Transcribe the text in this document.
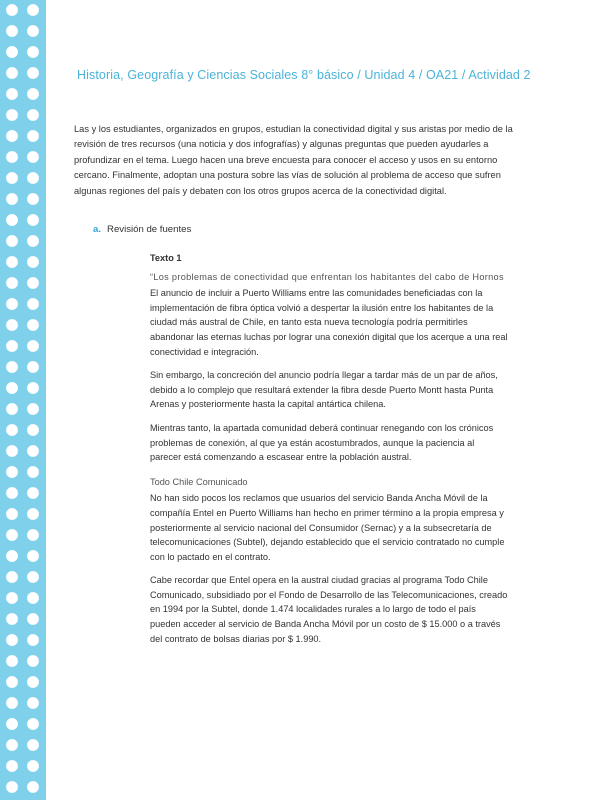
Historia, Geografía y Ciencias Sociales 8° básico / Unidad 4 / OA21 / Actividad 2
Las y los estudiantes, organizados en grupos, estudian la conectividad digital y sus aristas por medio de la revisión de tres recursos (una noticia y dos infografías) y algunas preguntas que pueden ayudarles a profundizar en el tema. Luego hacen una breve encuesta para conocer el acceso y usos en su entorno cercano. Finalmente, adoptan una postura sobre las vías de solución al problema de acceso que sufren algunas regiones del país y debaten con los otros grupos acerca de la conectividad digital.
a. Revisión de fuentes
Texto 1
“Los problemas de conectividad que enfrentan los habitantes del cabo de Hornos

El anuncio de incluir a Puerto Williams entre las comunidades beneficiadas con la implementación de fibra óptica volvió a despertar la ilusión entre los habitantes de la ciudad más austral de Chile, en tanto esta nueva tecnología podría permitirles abandonar las eternas luchas por lograr una conexión digital que los acerque a una real conectividad e integración.

Sin embargo, la concreción del anuncio podría llegar a tardar más de un par de años, debido a lo complejo que resultará extender la fibra desde Puerto Montt hasta Punta Arenas y posteriormente hasta la capital antártica chilena.

Mientras tanto, la apartada comunidad deberá continuar renegando con los crónicos problemas de conexión, al que ya están acostumbrados, aunque la paciencia al parecer está comenzando a escasear entre la población austral.

Todo Chile Comunicado

No han sido pocos los reclamos que usuarios del servicio Banda Ancha Móvil de la compañía Entel en Puerto Williams han hecho en primer término a la propia empresa y posteriormente al servicio nacional del Consumidor (Sernac) y a la subsecretaría de telecomunicaciones (Subtel), dejando establecido que el servicio contratado no cumple con lo pactado en el contrato.

Cabe recordar que Entel opera en la austral ciudad gracias al programa Todo Chile Comunicado, subsidiado por el Fondo de Desarrollo de las Telecomunicaciones, creado en 1994 por la Subtel, donde 1.474 localidades rurales a lo largo de todo el país pueden acceder al servicio de Banda Ancha Móvil por un costo de $ 15.000 o a través del contrato de bolsas diarias por $ 1.990.
